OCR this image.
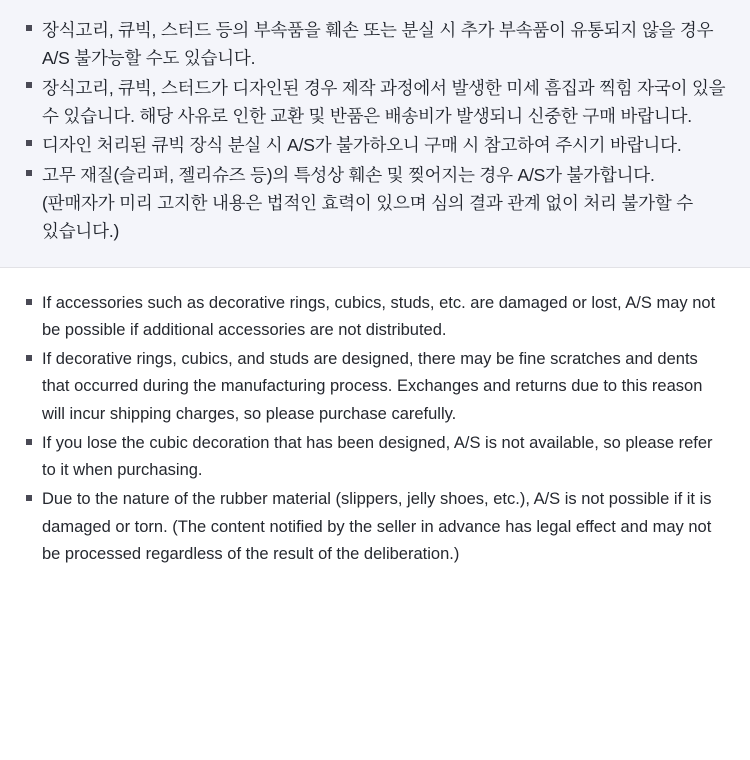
장식고리, 큐빅, 스터드 등의 부속품을 훼손 또는 분실 시 추가 부속품이 유통되지 않을 경우 A/S 불가능할 수도 있습니다.
장식고리, 큐빅, 스터드가 디자인된 경우 제작 과정에서 발생한 미세 흠집과 찍힘 자국이 있을 수 있습니다. 해당 사유로 인한 교환 및 반품은 배송비가 발생되니 신중한 구매 바랍니다.
디자인 처리된 큐빅 장식 분실 시 A/S가 불가하오니 구매 시 참고하여 주시기 바랍니다.
고무 재질(슬리퍼, 젤리슈즈 등)의 특성상 훼손 및 찢어지는 경우 A/S가 불가합니다. (판매자가 미리 고지한 내용은 법적인 효력이 있으며 심의 결과 관계 없이 처리 불가할 수 있습니다.)
If accessories such as decorative rings, cubics, studs, etc. are damaged or lost, A/S may not be possible if additional accessories are not distributed.
If decorative rings, cubics, and studs are designed, there may be fine scratches and dents that occurred during the manufacturing process. Exchanges and returns due to this reason will incur shipping charges, so please purchase carefully.
If you lose the cubic decoration that has been designed, A/S is not available, so please refer to it when purchasing.
Due to the nature of the rubber material (slippers, jelly shoes, etc.), A/S is not possible if it is damaged or torn. (The content notified by the seller in advance has legal effect and may not be processed regardless of the result of the deliberation.)
